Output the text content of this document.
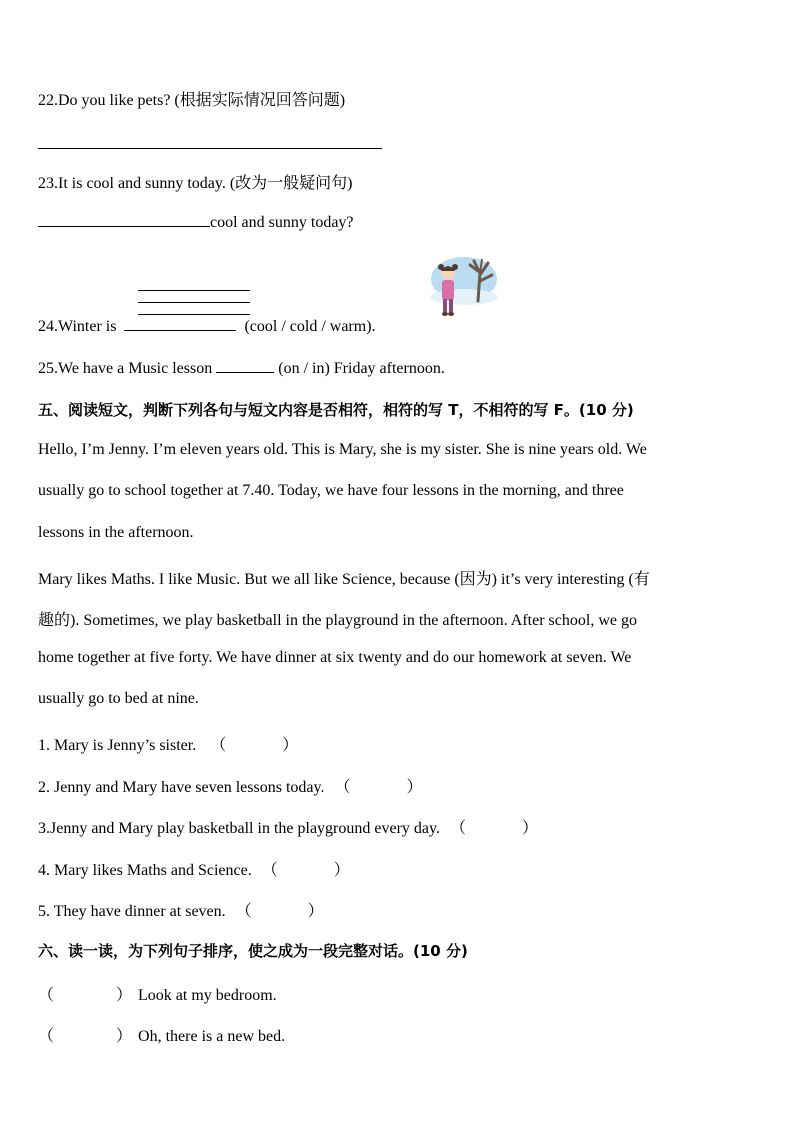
22.Do you like pets? (根据实际情况回答问题)
23.It is cool and sunny today. (改为一般疑问句)
cool and sunny today?
24.Winter is	(cool / cold / warm).
25.We have a Music lesson	(on / in) Friday afternoon.
五、阅读短文，判断下列各句与短文内容是否相符，相符的写 T，不相符的写 F。(10 分)
Hello, I’m Jenny. I’m eleven years old. This is Mary, she is my sister. She is nine years old. We
usually go to school together at 7.40. Today, we have four lessons in the morning, and three
lessons in the afternoon.
Mary likes Maths. I like Music. But we all like Science, because (因为) it’s very interesting (有
趣的). Sometimes, we play basketball in the playground in the afternoon. After school, we go
home together at five forty. We have dinner at six twenty and do our homework at seven. We
usually go to bed at nine.
1. Mary is Jenny’s sister. （	）
2. Jenny and Mary have seven lessons today. （	）
3.Jenny and Mary play basketball in the playground every day. （	）
4. Mary likes Maths and Science. （	）
5. They have dinner at seven. （	）
六、读一读，为下列句子排序，使之成为一段完整对话。(10 分)
（	） Look at my bedroom.
（	） Oh, there is a new bed.
